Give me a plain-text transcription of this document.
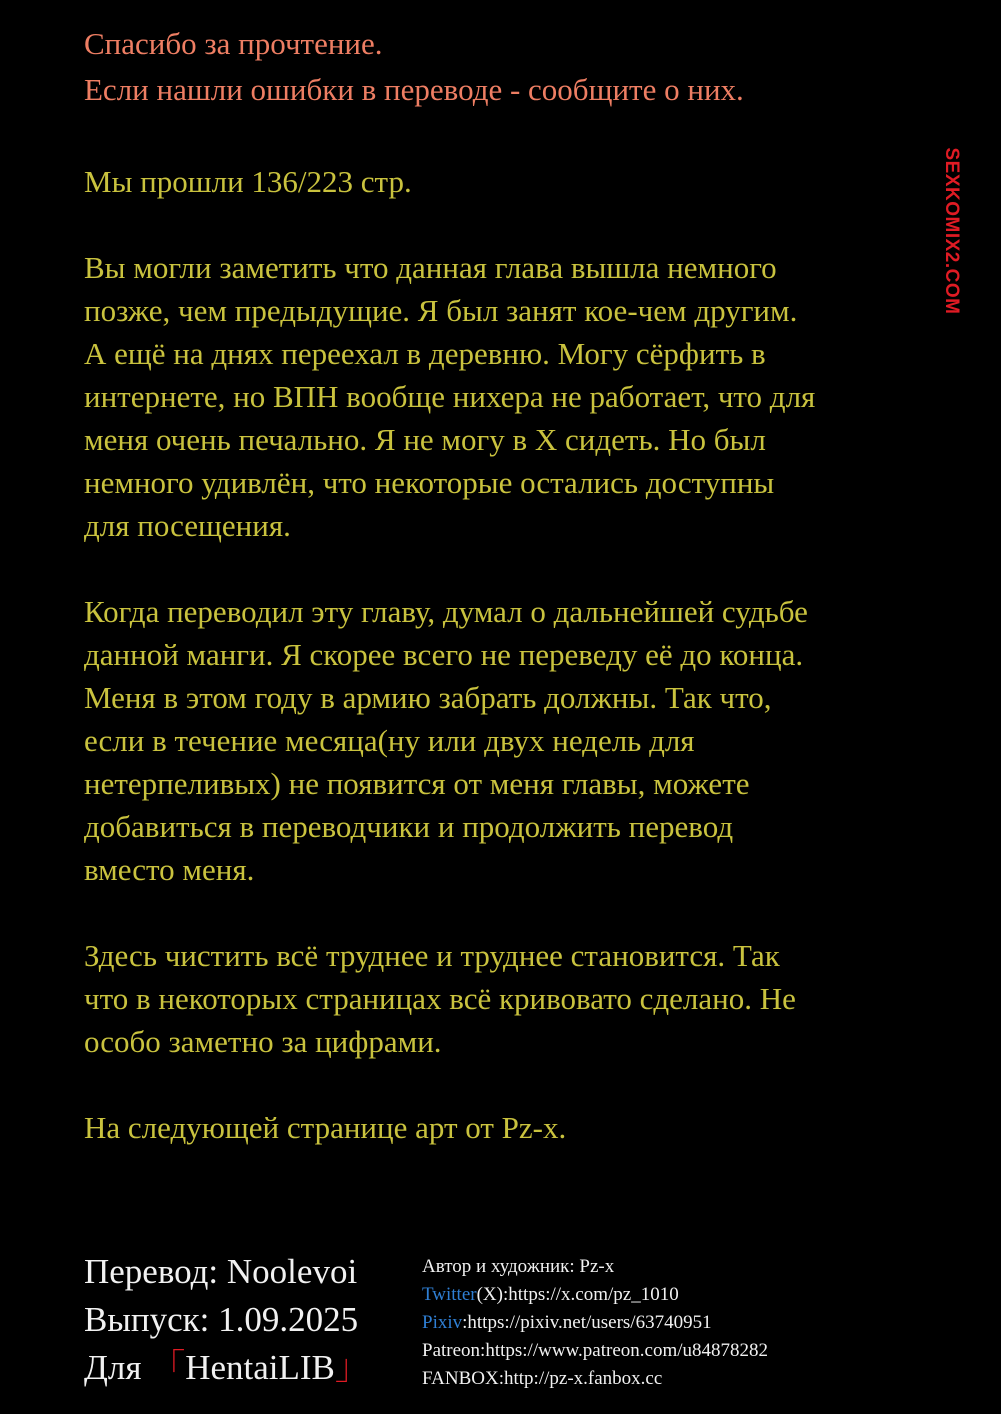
Спасибо за прочтение.
Если нашли ошибки в переводе - сообщите о них.
Мы прошли 136/223 стр.
Вы могли заметить что данная глава вышла немного
позже, чем предыдущие. Я был занят кое-чем другим.
А ещё на днях переехал в деревню. Могу сёрфить в
интернете, но ВПН вообще нихера не работает, что для
меня очень печально. Я не могу в X сидеть. Но был
немного удивлён, что некоторые остались доступны
для посещения.
Когда переводил эту главу, думал о дальнейшей судьбе
данной манги. Я скорее всего не переведу её до конца.
Меня в этом году в армию забрать должны. Так что,
если в течение месяца(ну или двух недель для
нетерпеливых) не появится от меня главы, можете
добавиться в переводчики и продолжить перевод
вместо меня.
Здесь чистить всё труднее и труднее становится. Так
что в некоторых страницах всё кривовато сделано. Не
особо заметно за цифрами.
На следующей странице арт от Pz-x.
Перевод: Noolevoi
Выпуск: 1.09.2025
Для 「HentaiLIB」
Автор и художник: Pz-x
Twitter(X):https://x.com/pz_1010
Pixiv:https://pixiv.net/users/63740951
Patreon:https://www.patreon.com/u84878282
FANBOX:http://pz-x.fanbox.cc
SEXKOMIX2.COM
